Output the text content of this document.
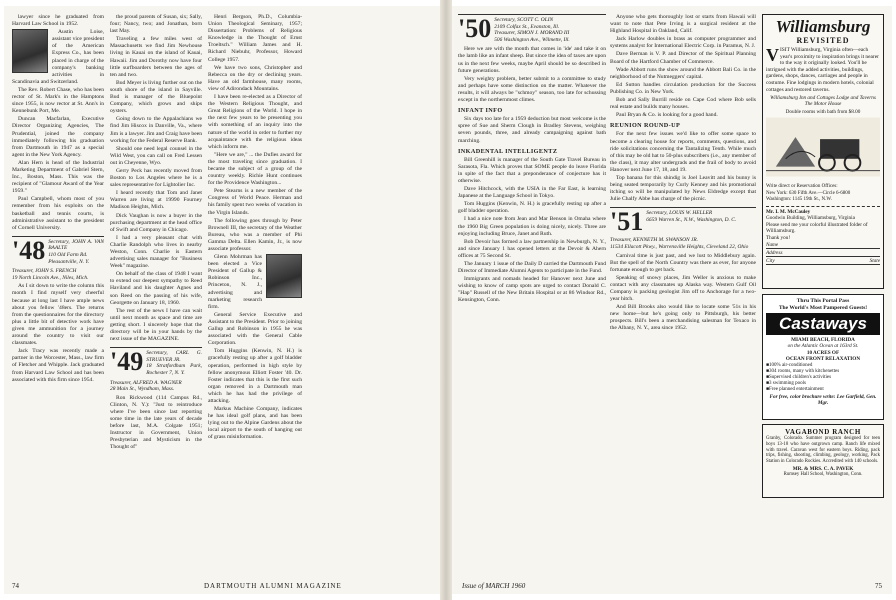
lawyer since he graduated from Harvard Law School in 1952.

Austin Loise, assistant vice president of the American Express Co., has been placed in charge of the company's banking activities in Scandinavia and Switzerland.

The Rev. Robert Chase, who has been rector of St. Mark's in the Hamptons since 1955, is now rector at St. Ann's in Kennebunk Port, Me.

Duncan Macfarlan, Executive Director Organizing Agencies, The Prudential, joined the company immediately following his graduation from Dartmouth in 1947 as a special agent in the New York Agency.

Alan Hern is head of the Industrial Marketing Department of Gabriel Stern, Inc., Boston, Mass. This was the recipient of "Glamour Award of the Year 1959."

Paul Campbell, whom most of you remember from his exploits on the basketball and tennis courts, is administrative assistant to the president of Cornell University.

'48 Secretary, JOHN A. VAN BAALTE
110 Old Farm Rd.
Pleasantville, N. Y.
Treasurer, JOHN S. FRENCH
19 North Lincoln Ave., Niles, Mich.

As I sit down to write the column this month I find myself very cheerful because at long last I have ample news about you fellow '48ers. The returns from the questionnaires for the directory plus a little bit of detective work have given me ammunition for a journey around the country to visit our classmates.

Jack Tracy was recently made a partner in the Worcester, Mass., law firm of Fletcher and Whipple. Jack graduated from Harvard Law School and has been associated with this firm since 1954.

the proud parents of Susan, six; Sally, four; Nancy, two; and Jonathan, born last May.

Traveling a few miles west of Massachusetts we find Jim Newhouse living in Kauai on the island of Kauai, Hawaii. Jim and Dorothy now have four little surfboarders between the ages of ten and two.

Bud Meyer is living further out on the south shore of the island in Sayville. Bud is manager of the Bluepoint Company, which grows and ships oysters.

Going down to the Appalachians we find Jim Hiscox in Danville, Va., where Jim is a lawyer. Jim and Craig have been working for the Federal Reserve Bank.

Should one need legal counsel in the Wild West, you can call on Fred Lessen out in Cheyenne, Wyo.

Gerry Peck has recently moved from Boston to Los Angeles where he is a sales representative for Lightolier Inc.

I heard recently that Tom and Janet Warren are living at 19990 Fourney Madison Heights, Mich.

Dick Vaughan is now a buyer in the purchasing department at the head office of Swift and Company in Chicago.

I had a very pleasant chat with Charlie Randolph who lives in nearby Weston, Conn. Charlie is Eastern advertising sales manager for "Business Week" magazine.

On behalf of the class of 1948 I want to extend our deepest sympathy to Reed Haviland and his daughter Agnes and son Reed on the passing of his wife, Georgette on January 18, 1960.

The rest of the news I have can wait until next month as space and time are getting short. I sincerely hope that the directory will be in your hands by the next issue of the MAGAZINE.

'49 Secretary, CARL G. STRUEVER JR.
18 Stratfordham Park, Rochester 7, N. Y.
Treasurer, ALFRED A. WAGNER
28 Main St., Wyndham, Mass.

Ron Rickwood (114 Campus Rd., Clinton, N. Y.): "Just to reintroduce where I've been since last reporting some time in the late years of decade before last, M.A. Colgate 1951; Instructor in Government, Union Presbyterian and Mysticism in the Thought of"

Henri Bergson, Ph.D., Columbia-Union Theological Seminary, 1957; Dissertation: Problems of Religious Knowledge in the Thought of Ernst Troeltsch." William James and H. Richard Niebuhr, Professor, Howard College 1957.

We have two sons, Christopher and Rebecca on the dry or declining years. Have an old farmhouse, many rooms, view of Adirondack Mountains.

I have been re-elected as a Director of the Western Religious Thought, and Great Religions of the World. I hope in the next few years to be presenting you with something of an inquiry into the nature of the world in order to further my acquaintance with the religious ideas which inform me.

"Here we are," ... the Dufies award for the most traveling since graduation. I became the subject of a group of the country weekly. Richie Hunt continues for the Providence Washington...

Pete Stearns is a new member of the Congress of World Peace. Herman and his family spent two weeks of vacation in the Virgin Islands.

The following goes through by Peter Brownell III, the secretary of the Weather Bureau, who was a member of Phi Gamma Delta. Ellen Kamin, Jr., is now associate professor.

Glenn Mohrman has been elected a Vice President of Gallup & Robinson Inc., Princeton, N. J., advertising and marketing research firm.

General Service Executive and Assistant to the President. Prior to joining Gallup and Robinson in 1955 he was associated with the General Cable Corporation.

Tom Huggins (Kenwin, N. H.) is gracefully resting up after a golf bladder operation, performed in high style by fellow anonymous Elliott Foster '40. Dr. Foster indicates that this is the first such organ removed in a Dartmouth man which he has had the privilege of attacking.

Markus Machine Company, indicates he has ideal golf plans, and has been lying out to the Alpine Gardens about the local airport to the south of hanging out of grass misinformation.

74	DARTMOUTH ALUMNI MAGAZINE
'50 Secretary, SCOTT C. OLIN
2109 Colfax St., Evanston, Ill.
Treasurer, SIMON J. MORAND III
506 Washington Ave., Wilmette, Ill.

Here we are with the month that comes in 'ide' and take it on the lamb like an infant sheep. But since the idea of taxes are upon us in the next few weeks, maybe April should be so described in future generations.

Very weighty problem, better submit to a committee to study and perhaps have some distinction on the matter. Whatever the results, it will always be "schmoy" season, too late for schussing except in the northernmost climes.

INFANT INFO

Six days too late for a 1959 deduction but most welcome is the spree of Sue and Sherm Clough in Bradley Stevens, weighing seven pounds, three, and already campaigning against bath marching.

INKADENTAL INTELLIGENTZ

Bill Greenhill is manager of the South Gate Travel Bureau in Sarasota, Fla. Which proves that SOME people do leave Florida in spite of the fact that a preponderance of conjecture has it otherwise.

Dave Hitchcock, with the USIA in the Far East, is learning Japanese at the Language School in Tokyo.

Tom Huggins (Kenwin, N. H.) is gracefully resting up after a golf bladder operation.

I had a nice note from Jean and Mar Benson in Omaha where the 1960 Big Green population is doing nicely, nicely. Three are enjoying including Bruce, Janet and Ruth.

Bob Devoir has formed a law partnership in Newburgh, N. Y., and since January 1 has opened letters at the Devoir & Ahern offices at 75 Second St.

The January 1 issue of the Daily D carried the Dartmouth Fund Director of Immediate Alumni Agents to participate in the Fund.

Immigrants and nomads headed for Hanover next June and wishing to know of camp spots are urged to contact Donald C. "Hap" Russell of the New Britain Hospital or at 86 Windsor Rd., Kensington, Conn.

Anyone who gets thoroughly lost or starts from Hawaii will want to note that Pete Irving is a surgical resident at the Highland Hospital in Oakland, Calif.

Jack Harlow doubles in brass as computer programmer and systems analyst for International Electric Corp. in Paramus, N. J.

Dave Berman is V. P. and Director of the Spiritual Planning Board of the Hartford Chamber of Commerce.

Wade Abbott runs the show around the Abbott Bali Co. in the neighborhood of the Nutmeggers' capital.

Ed Sutton handles circulation production for the Success Publishing Co. in New York.

Bob and Sally Burrill reside on Cape Cod where Bob sells real estate and builds many houses.

Paul Bryan & Co. is looking for a good hand.

REUNION ROUND-UP

For the next few issues we'd like to offer some space to become a clearing house for reports, comments, questions, and ride solicitations concerning the Tantalizing Tenth. While much of this may be old hat to 50-plus subscribers (i.e., any member of the class), it may alter undergrads and the frail of body to avoid Hanover next June 17, 18, and 19.

Top banana for this shindig is Joel Leavitt and his bunny is being seated temporarily by Curly Kenney and his promotional itching so will be manipulated by News Eldredge except that Julie Chalfy Abbe has charge of the picnic.

'51 Secretary, LOUIS W. HELLER
6659 Warren St., N.W., Washington, D. C.
Treasurer, KENNETH M. SWANSON JR.
11534 Ellacott Pkwy., Warrensville Heights, Cleveland 22, Ohio

Carnival time is just past, and we lust to Middlebury again. But the spell of the North Country was there as ever, for anyone fortunate enough to get back.

Speaking of snowy places, Jim Weller is anxious to make contact with any classmates up Alaska way. Western Gulf Oil Company is packing geologist Jim off to Anchorage for a two-year hitch.

And Bill Brooks also would like to locate some '51s in his new home—but he's going only to Pittsburgh, his better prospects. Bill's been a merchandising salesman for Texaco in the Albany, N. Y., area since 1952.

Williamsburg
REVISITED
V ISIT Williamsburg, Virginia often—each year's proximity to inspiration brings it nearer to the way it originally looked. You'll be intrigued with the added activities, buildings, gardens, shops, dances, carriages and people in costume. Fine lodgings in modern hotels, colonial cottages and restored taverns.
Williamsburg Inn and Cottages Lodge and Taverns The Motor House
Double rooms with bath from $8.00
Write direct or Reservation Offices:
New York: 630 Fifth Ave.—Circle 6-6800
Washington: 1145 19th St., N.W.
Mr. I. M. McCauley
Goodwin Building, Williamsburg, Virginia
Please send me your colorful illustrated folder of Williamsburg.
Thank you!
Name
Address
City	State
Thru This Portal Pass
The World's Most Pampered Guests!
Castaways
MIAMI BEACH, FLORIDA
on the Atlantic Ocean at 163rd St.
10 ACRES OF
OCEAN FRONT RELAXATION
■ 100% air-conditioned
■ 304 rooms, many with kitchenettes
■ Supervised children's activities
■ 3 swimming pools
■ Free planned entertainment
For free, color brochure write: Lee Garfield, Gen. Mgr.
VAGABOND RANCH
Granby, Colorado. Summer program designed for teen boys 13-18 who have outgrown camp. Ranch life mixed with travel. Caravan west for eastern boys. Riding, pack trips, fishing, shooting, climbing, geology, working, Pack Station in Colorado Rockies. Accredited with 140 schools.
MR. & MRS. C. A. PAVEK
Rumsey Hall School, Washington, Conn.
Issue of MARCH 1960	75
